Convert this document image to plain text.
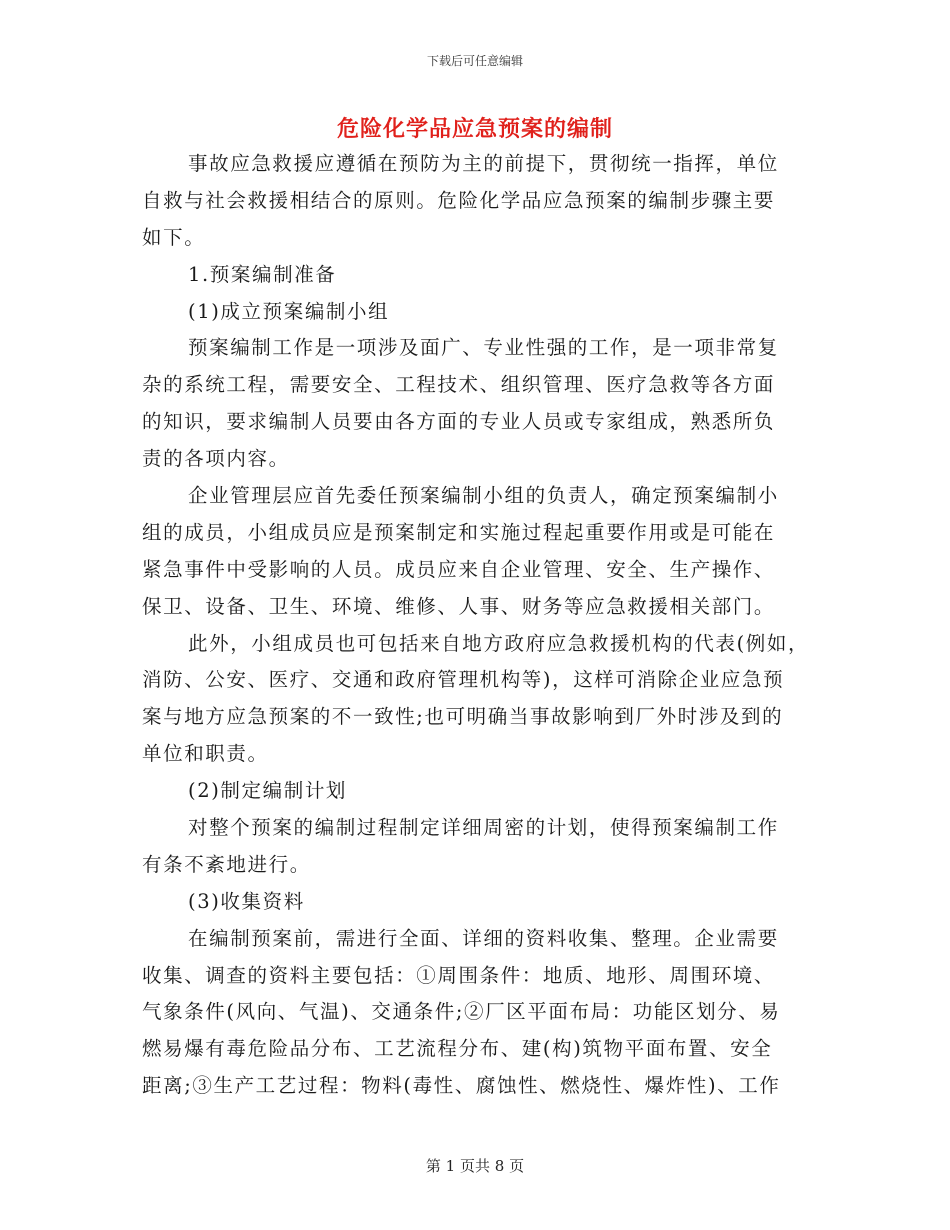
下载后可任意编辑
危险化学品应急预案的编制
事故应急救援应遵循在预防为主的前提下，贯彻统一指挥，单位
自救与社会救援相结合的原则。危险化学品应急预案的编制步骤主要
如下。
1.预案编制准备
(1)成立预案编制小组
预案编制工作是一项涉及面广、专业性强的工作，是一项非常复
杂的系统工程，需要安全、工程技术、组织管理、医疗急救等各方面
的知识，要求编制人员要由各方面的专业人员或专家组成，熟悉所负
责的各项内容。
企业管理层应首先委任预案编制小组的负责人，确定预案编制小
组的成员，小组成员应是预案制定和实施过程起重要作用或是可能在
紧急事件中受影响的人员。成员应来自企业管理、安全、生产操作、
保卫、设备、卫生、环境、维修、人事、财务等应急救援相关部门。
此外，小组成员也可包括来自地方政府应急救援机构的代表(例如，
消防、公安、医疗、交通和政府管理机构等)，这样可消除企业应急预
案与地方应急预案的不一致性;也可明确当事故影响到厂外时涉及到的
单位和职责。
(2)制定编制计划
对整个预案的编制过程制定详细周密的计划，使得预案编制工作
有条不紊地进行。
(3)收集资料
在编制预案前，需进行全面、详细的资料收集、整理。企业需要
收集、调查的资料主要包括：①周围条件：地质、地形、周围环境、
气象条件(风向、气温)、交通条件;②厂区平面布局：功能区划分、易
燃易爆有毒危险品分布、工艺流程分布、建(构)筑物平面布置、安全
距离;③生产工艺过程：物料(毒性、腐蚀性、燃烧性、爆炸性)、工作
第 1 页共 8 页
